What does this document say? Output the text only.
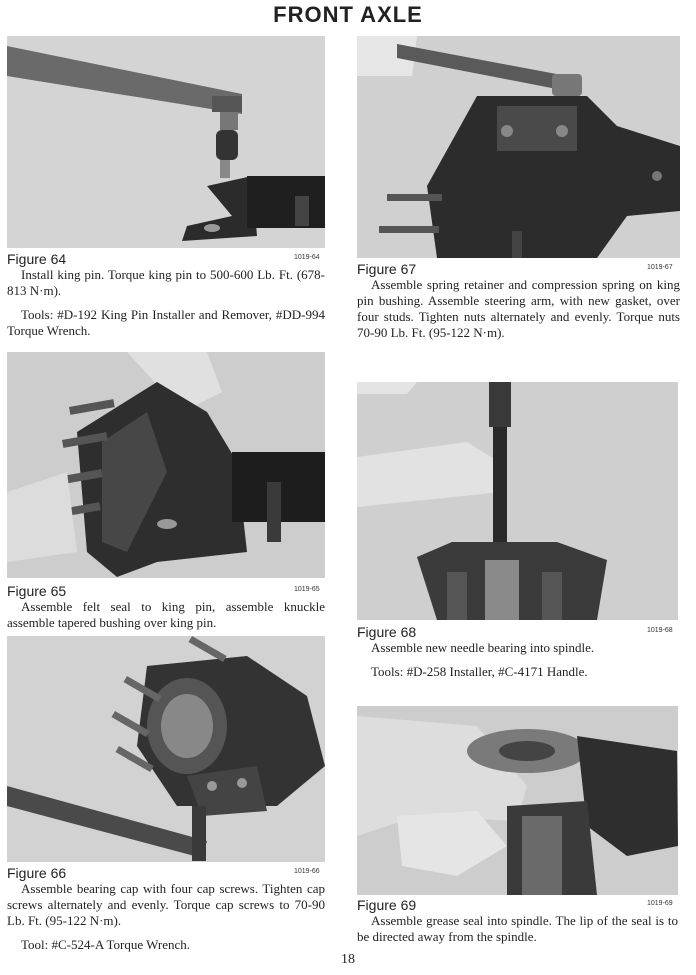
FRONT AXLE
Figure 64	1019-64

Install king pin. Torque king pin to 500-600 Lb. Ft. (678-813 N·m).

Tools: #D-192 King Pin Installer and Remover, #DD-994 Torque Wrench.

Figure 65	1019-65

Assemble felt seal to king pin, assemble knuckle assemble tapered bushing over king pin.

Figure 66	1019-66

Assemble bearing cap with four cap screws. Tighten cap screws alternately and evenly. Torque cap screws to 70-90 Lb. Ft. (95-122 N·m).

Tool: #C-524-A Torque Wrench.

Figure 67	1019-67

Assemble spring retainer and compression spring on king pin bushing. Assemble steering arm, with new gasket, over four studs. Tighten nuts alternately and evenly. Torque nuts 70-90 Lb. Ft. (95-122 N·m).

Figure 68	1019-68

Assemble new needle bearing into spindle.

Tools: #D-258 Installer, #C-4171 Handle.

Figure 69	1019-69

Assemble grease seal into spindle. The lip of the seal is to be directed away from the spindle.

18
